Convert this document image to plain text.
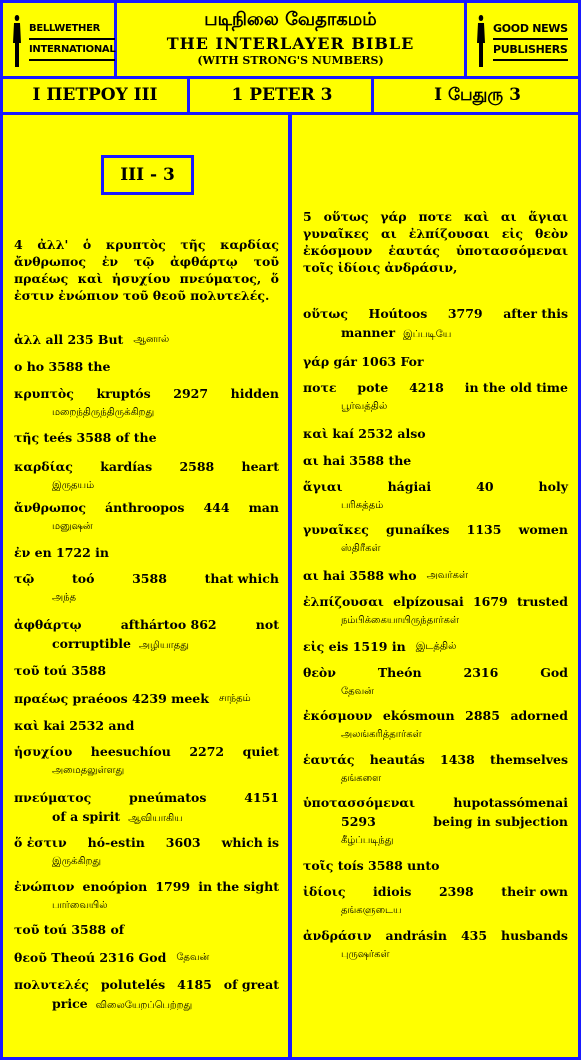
BELLWETHER
INTERNATIONAL
படிநிலை வேதாகமம்
THE INTERLAYER BIBLE
(WITH STRONG'S NUMBERS)
GOOD NEWS
PUBLISHERS
I ΠΕΤΡΟΥ III	1 PETER 3	I பேதுரு 3
III - 3
4 ἀλλ' ὁ κρυπτὸς τῆς καρδίας ἄνθρωπος ἐν τῷ ἀφθάρτῳ τοῦ πραέως καὶ ἡσυχίου πνεύματος, ὅ ἐστιν ἐνώπιον τοῦ θεοῦ πολυτελές.
5 οὕτως γάρ ποτε καὶ αι ἅγιαι γυναῖκες αι ἐλπίζουσαι εἰς θεὸν ἐκόσμουν ἑαυτάς ὑποτασσόμεναι τοῖς ἰδίοις ἀνδράσιν,
ἀλλ all 235 But ஆனால்
ο ho 3588 the
κρυπτὸς kruptós 2927 hidden
மறைந்திருந்திருக்கிறது
τῆς teés 3588 of the
καρδίας kardías 2588 heart
இருதயம்
ἄνθρωπος ánthroopos 444 man
மனுஷன்
ἐν en 1722 in
τῷ	toó	3588	that which
அந்த
ἀφθάρτῳ	afthártoo 862	not
corruptible அழியாதது
τοῦ toú 3588
πραέως praéoos 4239 meek சாந்தம்
καὶ kai 2532 and
ἡσυχίου heesuchíou 2272 quiet
அமைதலுள்ளது
πνεύματος	pneúmatos	4151
of a spirit ஆவியாகிய
ὅ ἐστιν hó-estin 3603 which is
இருக்கிறது
ἐνώπιον enoópion 1799 in the sight
பார்வையில்
τοῦ toú 3588 of
θεοῦ Theoú 2316 God தேவன்
πολυτελές polutelés 4185 of great
price விலையேறப்பெற்றது
οὕτως Hoútoos 3779 after this
manner இப்படியே
γάρ gár 1063 For
ποτε pote 4218 in the old time
பூர்வத்தில்
καὶ kaí 2532 also
αι hai 3588 the
ἅγιαι	hágiai	40	holy
பரிசுத்தம்
γυναῖκες gunaíkes 1135 women
ஸ்திரீகள்
αι hai 3588 who அவர்கள்
ἐλπίζουσαι elpízousai 1679 trusted
நம்பிக்கையாயிருந்தார்கள்
εἰς eis 1519 in இடத்தில்
θεὸν	Theón	2316	God
தேவன்
ἐκόσμουν ekósmoun 2885 adorned
அலங்கரித்தார்கள்
ἑαυτάς heautás 1438 themselves
தங்களை
ὑποτασσόμεναι	hupotassómenai
5293	being in subjection
கீழ்ப்படிந்து
τοῖς toís 3588 unto
ἰδίοις idiois 2398 their own
தங்களுடைய
ἀνδράσιν andrásin 435 husbands
புருஷர்கள்
